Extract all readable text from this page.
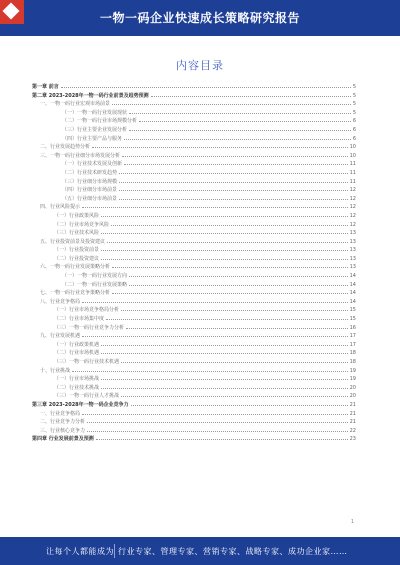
一物一码企业快速成长策略研究报告
内容目录
第一章 前言	5
第二章 2023-2028年一物一码行业前景及趋势预测	5
一、一物一码行业宏观市场前景	5
（一）一物一码行业发展现状	5
（二）一物一码行业市场规模分析	6
（三）行业主要企业发展分析	6
（四）行业主要产品与服务	6
二、行业发展趋势分析	10
三、一物一码行业细分市场发展分析	10
（一）行业技术发展及创新	11
（二）行业技术研发趋势	11
（三）行业细分市场规模	11
（四）行业细分市场前景	12
（五）行业细分市场前景	12
四、行业风险提示	12
（一）行业政策风险	12
（二）行业市场竞争风险	12
（三）行业技术风险	13
五、行业投资前景及投资建议	13
（一）行业投资前景	13
（二）行业投资建议	13
六、一物一码行业发展策略分析	13
（一）一物一码行业发展方向	14
（二）一物一码行业发展策略	14
七、一物一码行业竞争策略分析	14
八、行业竞争格局	14
（一）行业市场竞争格局分析	15
（二）行业市场集中度	15
（三）一物一码行业竞争力分析	16
九、行业发展机遇	17
（一）行业政策机遇	17
（二）行业市场机遇	18
（三）一物一码行业技术机遇	18
十、行业挑战	19
（一）行业市场挑战	19
（二）行业技术挑战	20
（三）一物一码行业人才挑战	20
第三章 2023-2028年一物一码企业竞争力	21
一、行业竞争格局	21
二、行业竞争力分析	21
三、行业核心竞争力	22
第四章 行业发展前景及预测	23
1
让每个人都能成为 行业专家、管理专家、营销专家、战略专家、成功企业家……
